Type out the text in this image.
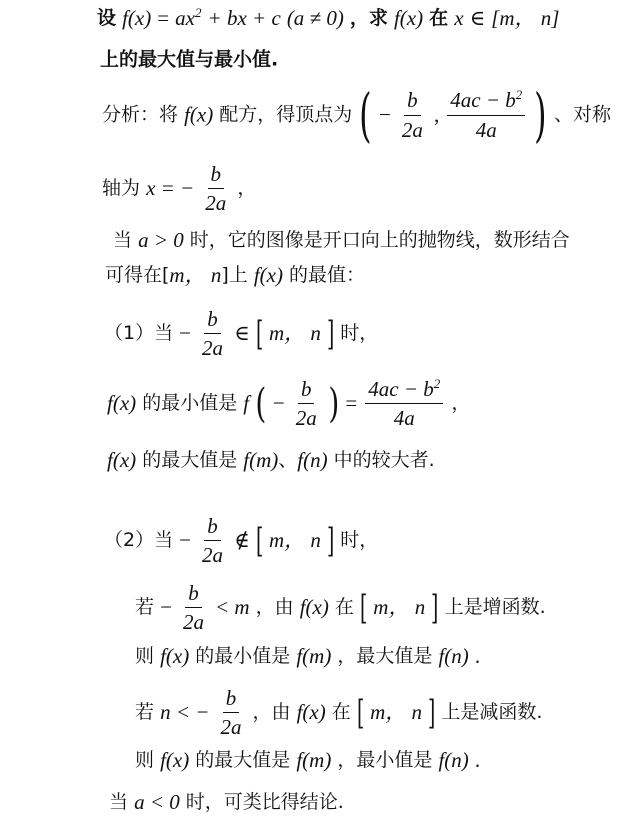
设 $f(x) = ax^2$ + bx + c (a ≠ 0) ，求 f(x) 在 x ∈ [m， n]
上的最大值与最小值.
分析：将 f(x) 配方，得顶点为 ( − $\frac{b}{2a}$ , $\frac{4ac - b^2}{4a}$ ) 、对称
轴为 x = − $\frac{b}{2a}$ ，
当 a > 0 时，它的图像是开口向上的抛物线，数形结合
可得在[m， n]上 f(x) 的最值：
（1）当 − $\frac{b}{2a}$ ∈ [ m， n ] 时，
f(x) 的最小值是 f ( − $\frac{b}{2a}$ ) = $\frac{4ac - b^2}{4a}$ ，
f(x) 的最大值是 f(m)、f(n) 中的较大者.
（2）当 − $\frac{b}{2a}$ ∉ [ m， n ] 时，
若 − $\frac{b}{2a} < m$ ，由 f(x) 在 [ m， n ] 上是增函数.
则 f(x) 的最小值是 f(m) ，最大值是 f(n) .
若 n < − $\frac{b}{2a}$ ，由 f(x) 在 [ m， n ] 上是减函数.
则 f(x) 的最大值是 f(m) ，最小值是 f(n) .
当 a < 0 时，可类比得结论.
